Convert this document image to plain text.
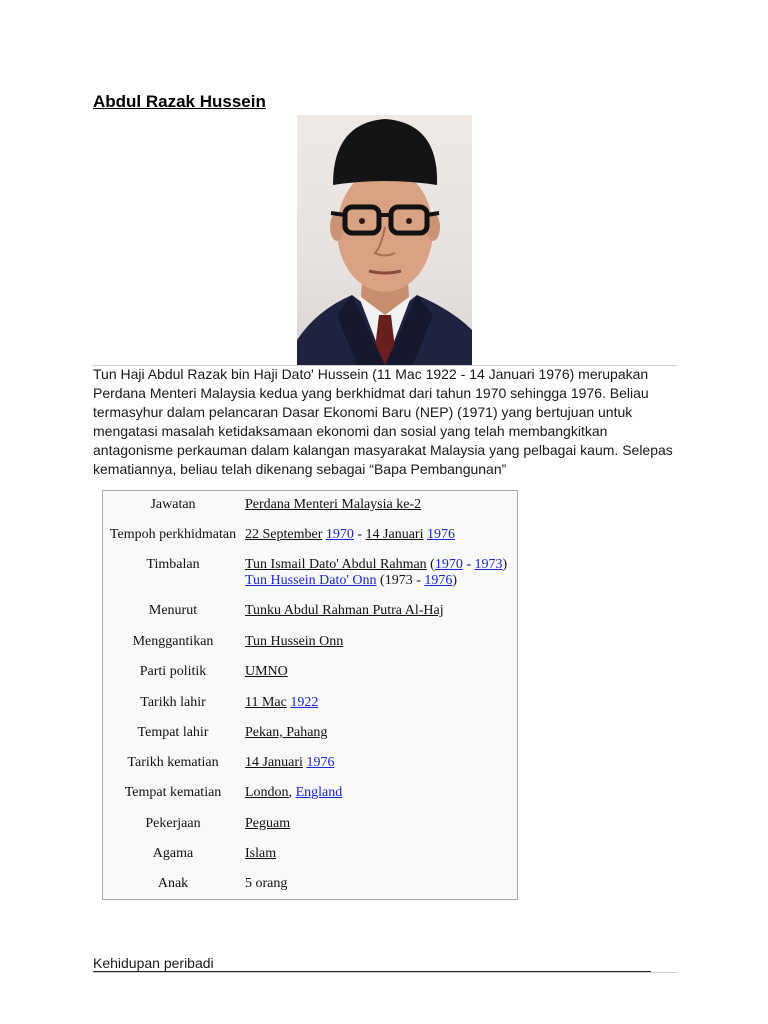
Abdul Razak Hussein

Tun Haji Abdul Razak bin Haji Dato' Hussein (11 Mac 1922 - 14 Januari 1976) merupakan Perdana Menteri Malaysia kedua yang berkhidmat dari tahun 1970 sehingga 1976. Beliau termasyhur dalam pelancaran Dasar Ekonomi Baru (NEP) (1971) yang bertujuan untuk mengatasi masalah ketidaksamaan ekonomi dan sosial yang telah membangkitkan antagonisme perkauman dalam kalangan masyarakat Malaysia yang pelbagai kaum. Selepas kematiannya, beliau telah dikenang sebagai “Bapa Pembangunan”

Jawatan	Perdana Menteri Malaysia ke-2
Tempoh perkhidmatan 22 September 1970 - 14 Januari 1976
Timbalan	Tun Ismail Dato' Abdul Rahman (1970 - 1973)
Tun Hussein Dato' Onn (1973 - 1976)
Menurut	Tunku Abdul Rahman Putra Al-Haj
Menggantikan	Tun Hussein Onn
Parti politik	UMNO
Tarikh lahir	11 Mac 1922
Tempat lahir	Pekan, Pahang
Tarikh kematian	14 Januari 1976
Tempat kematian	London, England
Pekerjaan	Peguam
Agama	Islam
Anak	5 orang
Kehidupan peribadi
